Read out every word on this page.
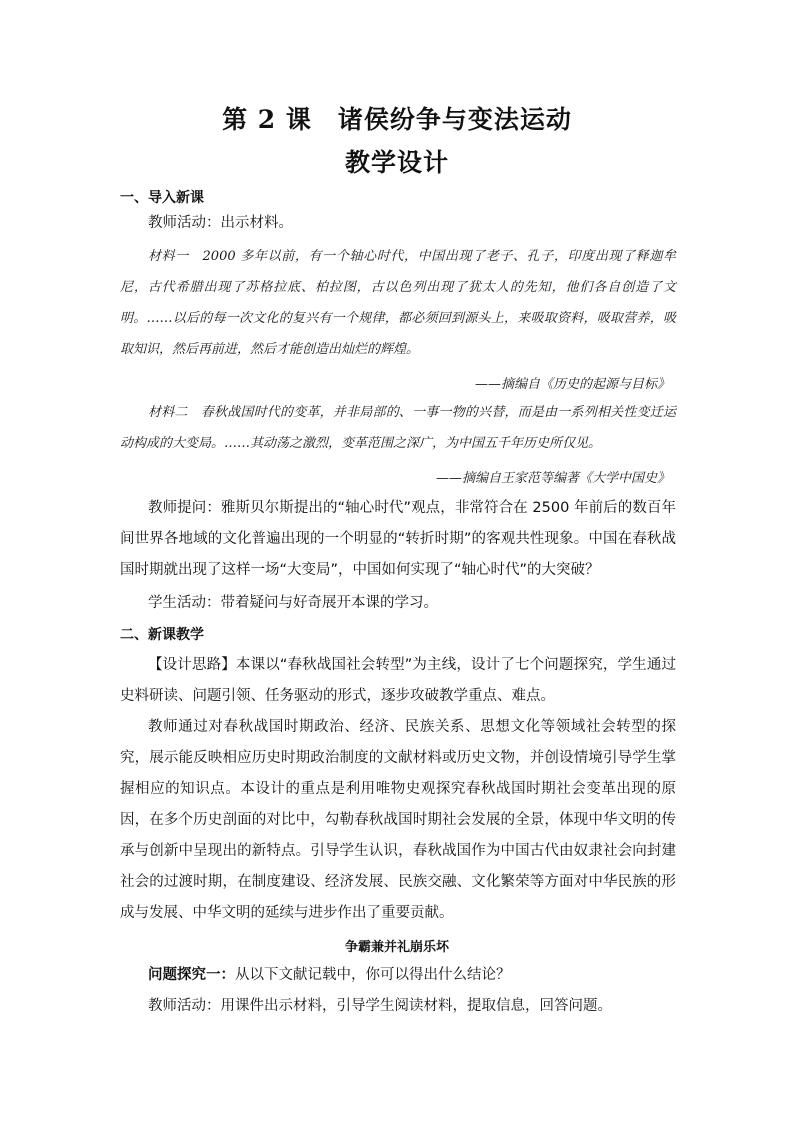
第 2 课　诸侯纷争与变法运动
教学设计
一、导入新课
教师活动：出示材料。
材料一　2000 多年以前，有一个轴心时代，中国出现了老子、孔子，印度出现了释迦牟尼，古代希腊出现了苏格拉底、柏拉图，古以色列出现了犹太人的先知，他们各自创造了文明。……以后的每一次文化的复兴有一个规律，都必须回到源头上，来吸取资料，吸取营养，吸取知识，然后再前进，然后才能创造出灿烂的辉煌。
——摘编自《历史的起源与目标》
材料二　春秋战国时代的变革，并非局部的、一事一物的兴替，而是由一系列相关性变迁运动构成的大变局。……其动荡之激烈，变革范围之深广，为中国五千年历史所仅见。
——摘编自王家范等编著《大学中国史》
教师提问：雅斯贝尔斯提出的“轴心时代”观点，非常符合在 2500 年前后的数百年间世界各地域的文化普遍出现的一个明显的“转折时期”的客观共性现象。中国在春秋战国时期就出现了这样一场“大变局”，中国如何实现了“轴心时代”的大突破？
学生活动：带着疑问与好奇展开本课的学习。
二、新课教学
【设计思路】本课以“春秋战国社会转型”为主线，设计了七个问题探究，学生通过史料研读、问题引领、任务驱动的形式，逐步攻破教学重点、难点。
教师通过对春秋战国时期政治、经济、民族关系、思想文化等领域社会转型的探究，展示能反映相应历史时期政治制度的文献材料或历史文物，并创设情境引导学生掌握相应的知识点。本设计的重点是利用唯物史观探究春秋战国时期社会变革出现的原因，在多个历史剖面的对比中，勾勒春秋战国时期社会发展的全景，体现中华文明的传承与创新中呈现出的新特点。引导学生认识，春秋战国作为中国古代由奴隶社会向封建社会的过渡时期，在制度建设、经济发展、民族交融、文化繁荣等方面对中华民族的形成与发展、中华文明的延续与进步作出了重要贡献。
争霸兼并礼崩乐坏
问题探究一：从以下文献记载中，你可以得出什么结论？
教师活动：用课件出示材料，引导学生阅读材料，提取信息，回答问题。
